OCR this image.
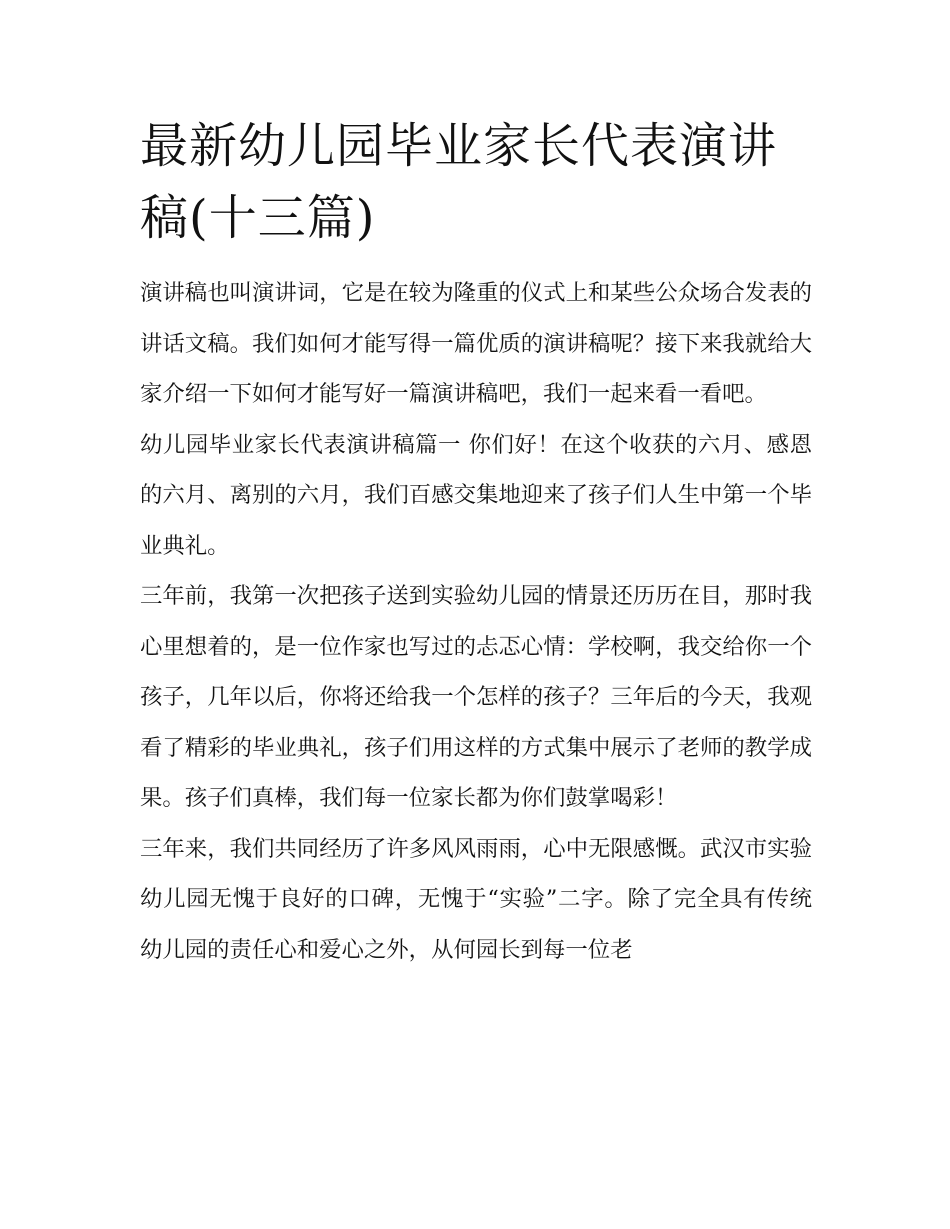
最新幼儿园毕业家长代表演讲稿(十三篇)

演讲稿也叫演讲词，它是在较为隆重的仪式上和某些公众场合发表的讲话文稿。我们如何才能写得一篇优质的演讲稿呢？接下来我就给大家介绍一下如何才能写好一篇演讲稿吧，我们一起来看一看吧。

幼儿园毕业家长代表演讲稿篇一 你们好！在这个收获的六月、感恩的六月、离别的六月，我们百感交集地迎来了孩子们人生中第一个毕业典礼。

三年前，我第一次把孩子送到实验幼儿园的情景还历历在目，那时我心里想着的，是一位作家也写过的忐忑心情：学校啊，我交给你一个孩子，几年以后，你将还给我一个怎样的孩子？三年后的今天，我观看了精彩的毕业典礼，孩子们用这样的方式集中展示了老师的教学成果。孩子们真棒，我们每一位家长都为你们鼓掌喝彩！

三年来，我们共同经历了许多风风雨雨，心中无限感慨。武汉市实验幼儿园无愧于良好的口碑，无愧于“实验”二字。除了完全具有传统幼儿园的责任心和爱心之外，从何园长到每一位老
